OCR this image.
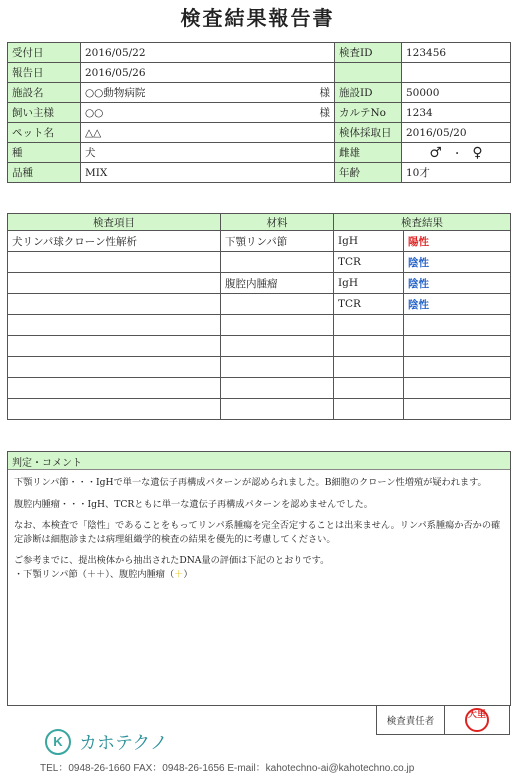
検査結果報告書
受付日	2016/05/22		検査ID	123456
報告日	2016/05/26			
施設名	○○動物病院	様	施設ID	50000
飼い主様	○○	様	カルテNo	1234
ペット名	△△		検体採取日	2016/05/20
種	犬		雌雄	♂ ・ ♀
品種	MIX		年齢	10才
検査項目	材料	検査結果	
犬リンパ球クローン性解析	下顎リンパ節	IgH	陽性
		TCR	陰性
	腹腔内腫瘤	IgH	陰性
		TCR	陰性

判定・コメント

下顎リンパ節・・・IgHで単一な遺伝子再構成パターンが認められました。B細胞のクローン性増殖が疑われます。

腹腔内腫瘤・・・IgH、TCRともに単一な遺伝子再構成パターンを認めませんでした。

なお、本検査で「陰性」であることをもってリンパ系腫瘍を完全否定することは出来ません。リンパ系腫瘍か否かの確定診断は細胞診または病理組織学的検査の結果を優先的に考慮してください。

ご参考までに、提出検体から抽出されたDNA量の評価は下記のとおりです。

・下顎リンパ節（＋＋）、腹腔内腫瘤（＋）

検査責任者	大里
K カホテクノ
TEL：0948-26-1660 FAX：0948-26-1656 E-mail：kahotechno-ai@kahotechno.co.jp
